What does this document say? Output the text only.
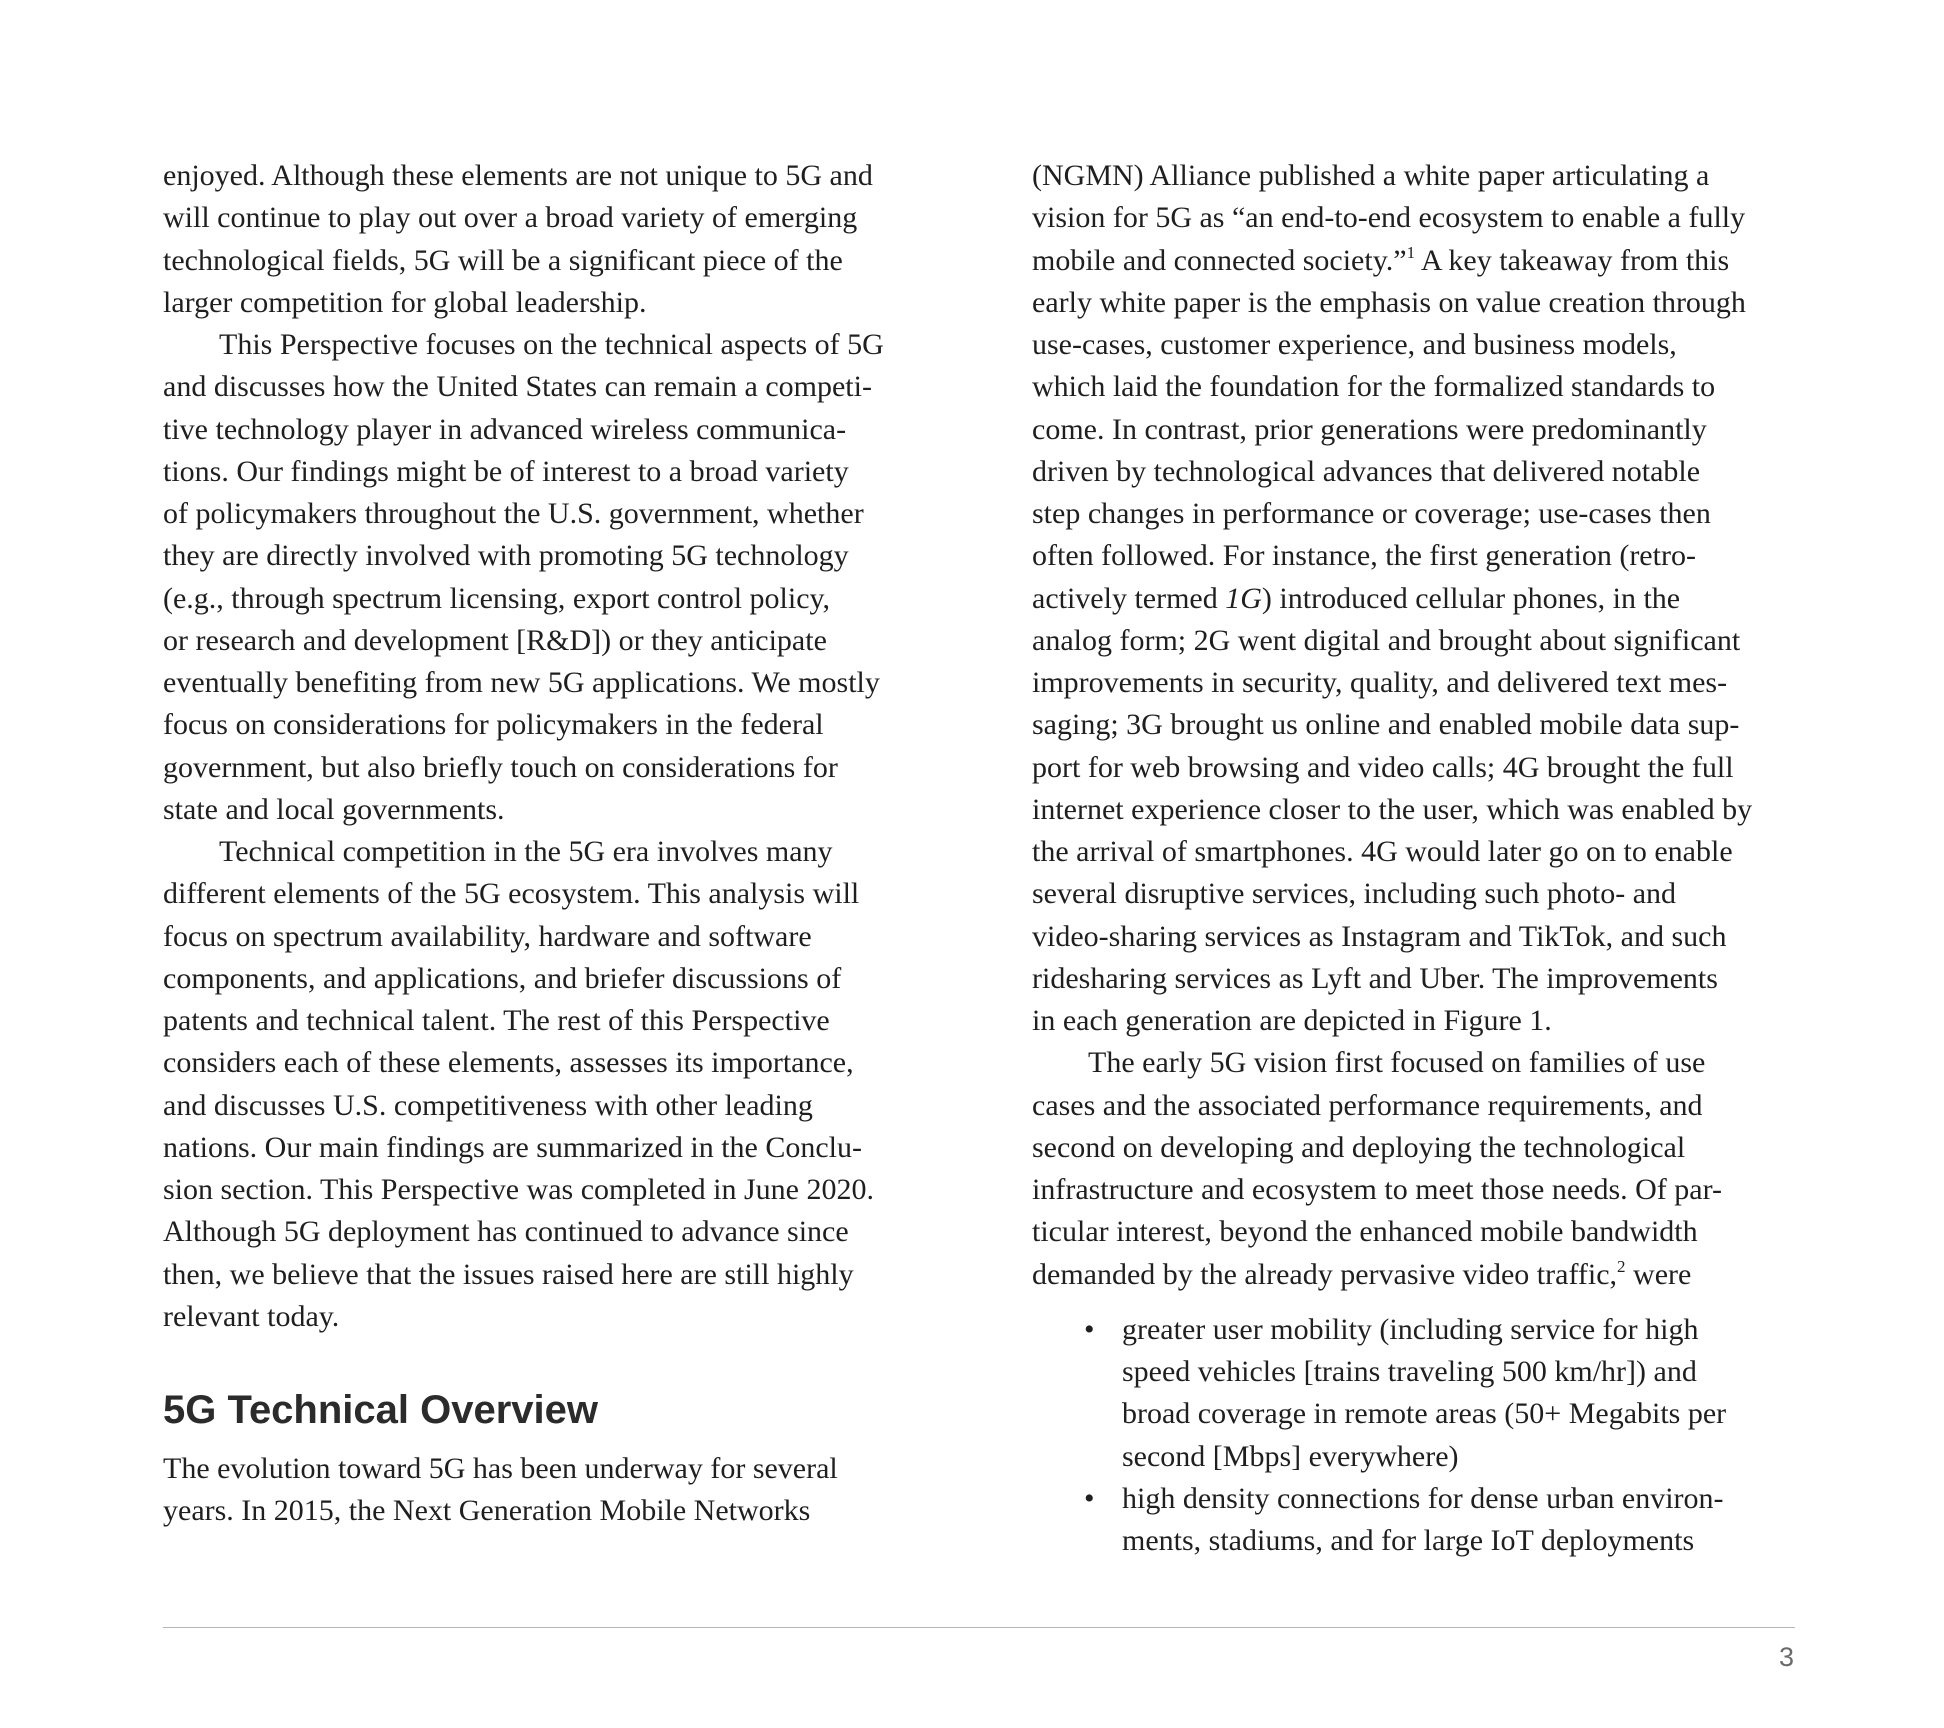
enjoyed. Although these elements are not unique to 5G and
will continue to play out over a broad variety of emerging
technological fields, 5G will be a significant piece of the
larger competition for global leadership.
This Perspective focuses on the technical aspects of 5G
and discusses how the United States can remain a competi-
tive technology player in advanced wireless communica-
tions. Our findings might be of interest to a broad variety
of policymakers throughout the U.S. government, whether
they are directly involved with promoting 5G technology
(e.g., through spectrum licensing, export control policy,
or research and development [R&D]) or they anticipate
eventually benefiting from new 5G applications. We mostly
focus on considerations for policymakers in the federal
government, but also briefly touch on considerations for
state and local governments.
Technical competition in the 5G era involves many
different elements of the 5G ecosystem. This analysis will
focus on spectrum availability, hardware and software
components, and applications, and briefer discussions of
patents and technical talent. The rest of this Perspective
considers each of these elements, assesses its importance,
and discusses U.S. competitiveness with other leading
nations. Our main findings are summarized in the Conclu-
sion section. This Perspective was completed in June 2020.
Although 5G deployment has continued to advance since
then, we believe that the issues raised here are still highly
relevant today.
5G Technical Overview
The evolution toward 5G has been underway for several
years. In 2015, the Next Generation Mobile Networks
(NGMN) Alliance published a white paper articulating a
vision for 5G as “an end-to-end ecosystem to enable a fully
mobile and connected society.”$^1$ A key takeaway from this
early white paper is the emphasis on value creation through
use-cases, customer experience, and business models,
which laid the foundation for the formalized standards to
come. In contrast, prior generations were predominantly
driven by technological advances that delivered notable
step changes in performance or coverage; use-cases then
often followed. For instance, the first generation (retro-
actively termed 1G) introduced cellular phones, in the
analog form; 2G went digital and brought about significant
improvements in security, quality, and delivered text mes-
saging; 3G brought us online and enabled mobile data sup-
port for web browsing and video calls; 4G brought the full
internet experience closer to the user, which was enabled by
the arrival of smartphones. 4G would later go on to enable
several disruptive services, including such photo- and
video-sharing services as Instagram and TikTok, and such
ridesharing services as Lyft and Uber. The improvements
in each generation are depicted in Figure 1.
The early 5G vision first focused on families of use
cases and the associated performance requirements, and
second on developing and deploying the technological
infrastructure and ecosystem to meet those needs. Of par-
ticular interest, beyond the enhanced mobile bandwidth
demanded by the already pervasive video traffic,$^2$ were
• greater user mobility (including service for high
speed vehicles [trains traveling 500 km/hr]) and
broad coverage in remote areas (50+ Megabits per
second [Mbps] everywhere)
• high density connections for dense urban environ-
ments, stadiums, and for large IoT deployments
3
